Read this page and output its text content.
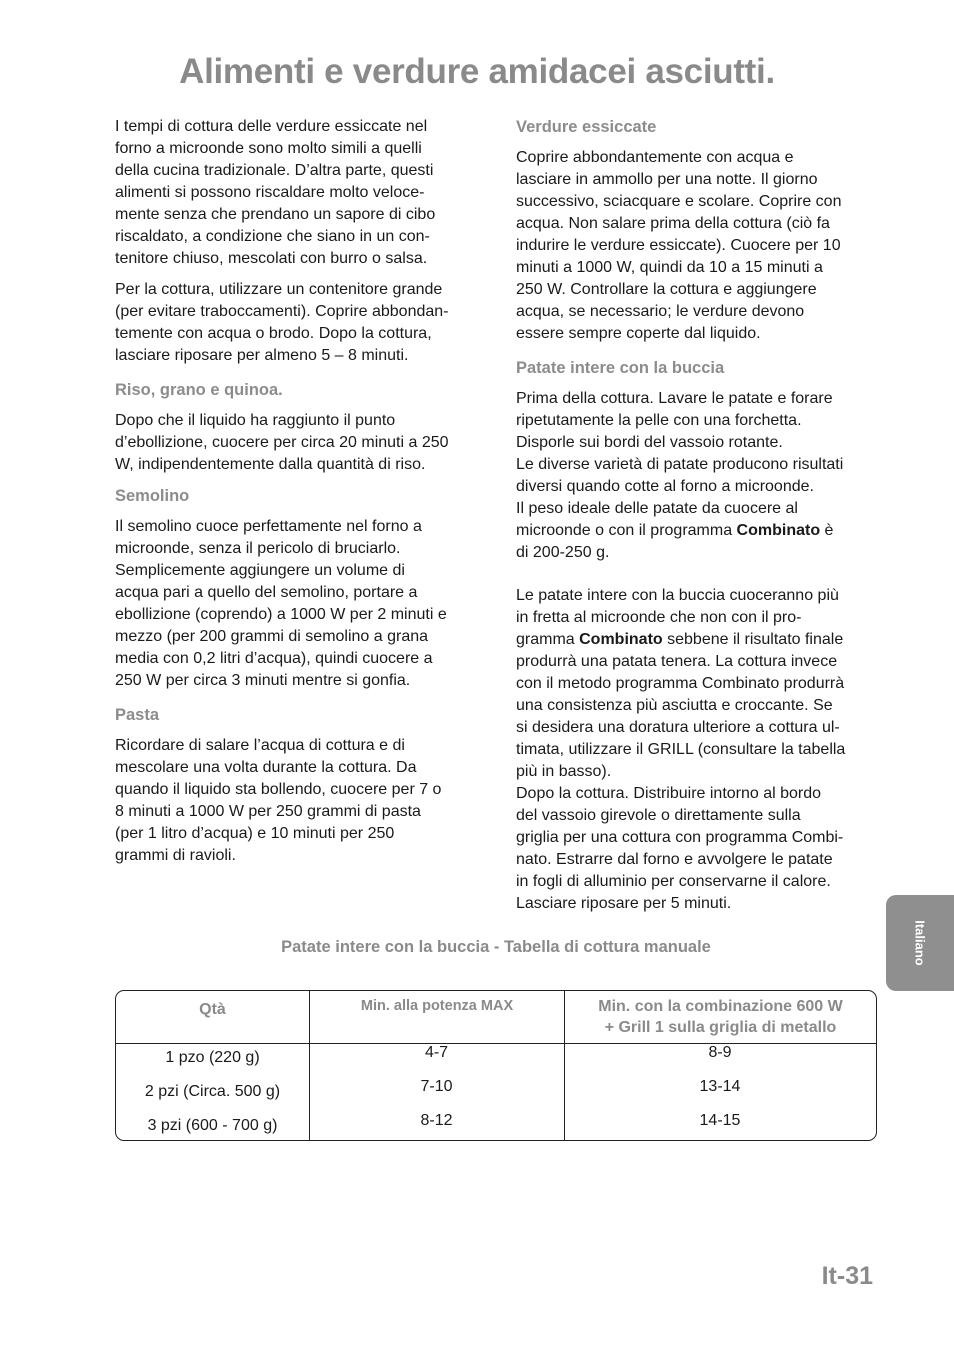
Alimenti e verdure amidacei asciutti.

I tempi di cottura delle verdure essiccate nel
forno a microonde sono molto simili a quelli
della cucina tradizionale. D’altra parte, questi
alimenti si possono riscaldare molto veloce-
mente senza che prendano un sapore di cibo
riscaldato, a condizione che siano in un con-
tenitore chiuso, mescolati con burro o salsa.

Per la cottura, utilizzare un contenitore grande
(per evitare traboccamenti). Coprire abbondan-
temente con acqua o brodo. Dopo la cottura,
lasciare riposare per almeno 5 – 8 minuti.

Riso, grano e quinoa.

Dopo che il liquido ha raggiunto il punto
d’ebollizione, cuocere per circa 20 minuti a 250
W, indipendentemente dalla quantità di riso.

Semolino

Il semolino cuoce perfettamente nel forno a
microonde, senza il pericolo di bruciarlo.
Semplicemente aggiungere un volume di
acqua pari a quello del semolino, portare a
ebollizione (coprendo) a 1000 W per 2 minuti e
mezzo (per 200 grammi di semolino a grana
media con 0,2 litri d’acqua), quindi cuocere a
250 W per circa 3 minuti mentre si gonfia.

Pasta

Ricordare di salare l’acqua di cottura e di
mescolare una volta durante la cottura. Da
quando il liquido sta bollendo, cuocere per 7 o
8 minuti a 1000 W per 250 grammi di pasta
(per 1 litro d’acqua) e 10 minuti per 250
grammi di ravioli.

Verdure essiccate

Coprire abbondantemente con acqua e
lasciare in ammollo per una notte. Il giorno
successivo, sciacquare e scolare. Coprire con
acqua. Non salare prima della cottura (ciò fa
indurire le verdure essiccate). Cuocere per 10
minuti a 1000 W, quindi da 10 a 15 minuti a
250 W. Controllare la cottura e aggiungere
acqua, se necessario; le verdure devono
essere sempre coperte dal liquido.

Patate intere con la buccia

Prima della cottura. Lavare le patate e forare
ripetutamente la pelle con una forchetta.
Disporle sui bordi del vassoio rotante.
Le diverse varietà di patate producono risultati
diversi quando cotte al forno a microonde.
Il peso ideale delle patate da cuocere al
microonde o con il programma Combinato è
di 200-250 g.

Le patate intere con la buccia cuoceranno più
in fretta al microonde che non con il pro-
gramma Combinato sebbene il risultato finale
produrrà una patata tenera. La cottura invece
con il metodo programma Combinato produrrà
una consistenza più asciutta e croccante. Se
si desidera una doratura ulteriore a cottura ul-
timata, utilizzare il GRILL (consultare la tabella
più in basso).
Dopo la cottura. Distribuire intorno al bordo
del vassoio girevole o direttamente sulla
griglia per una cottura con programma Combi-
nato. Estrarre dal forno e avvolgere le patate
in fogli di alluminio per conservarne il calore.
Lasciare riposare per 5 minuti.

Patate intere con la buccia - Tabella di cottura manuale

Qtà	Min. alla potenza MAX	Min. con la combinazione 600 W
+ Grill 1 sulla griglia di metallo
1 pzo (220 g)	4-7	8-9
2 pzi (Circa. 500 g)	7-10	13-14
3 pzi (600 - 700 g)	8-12	14-15
Italiano
It-31
